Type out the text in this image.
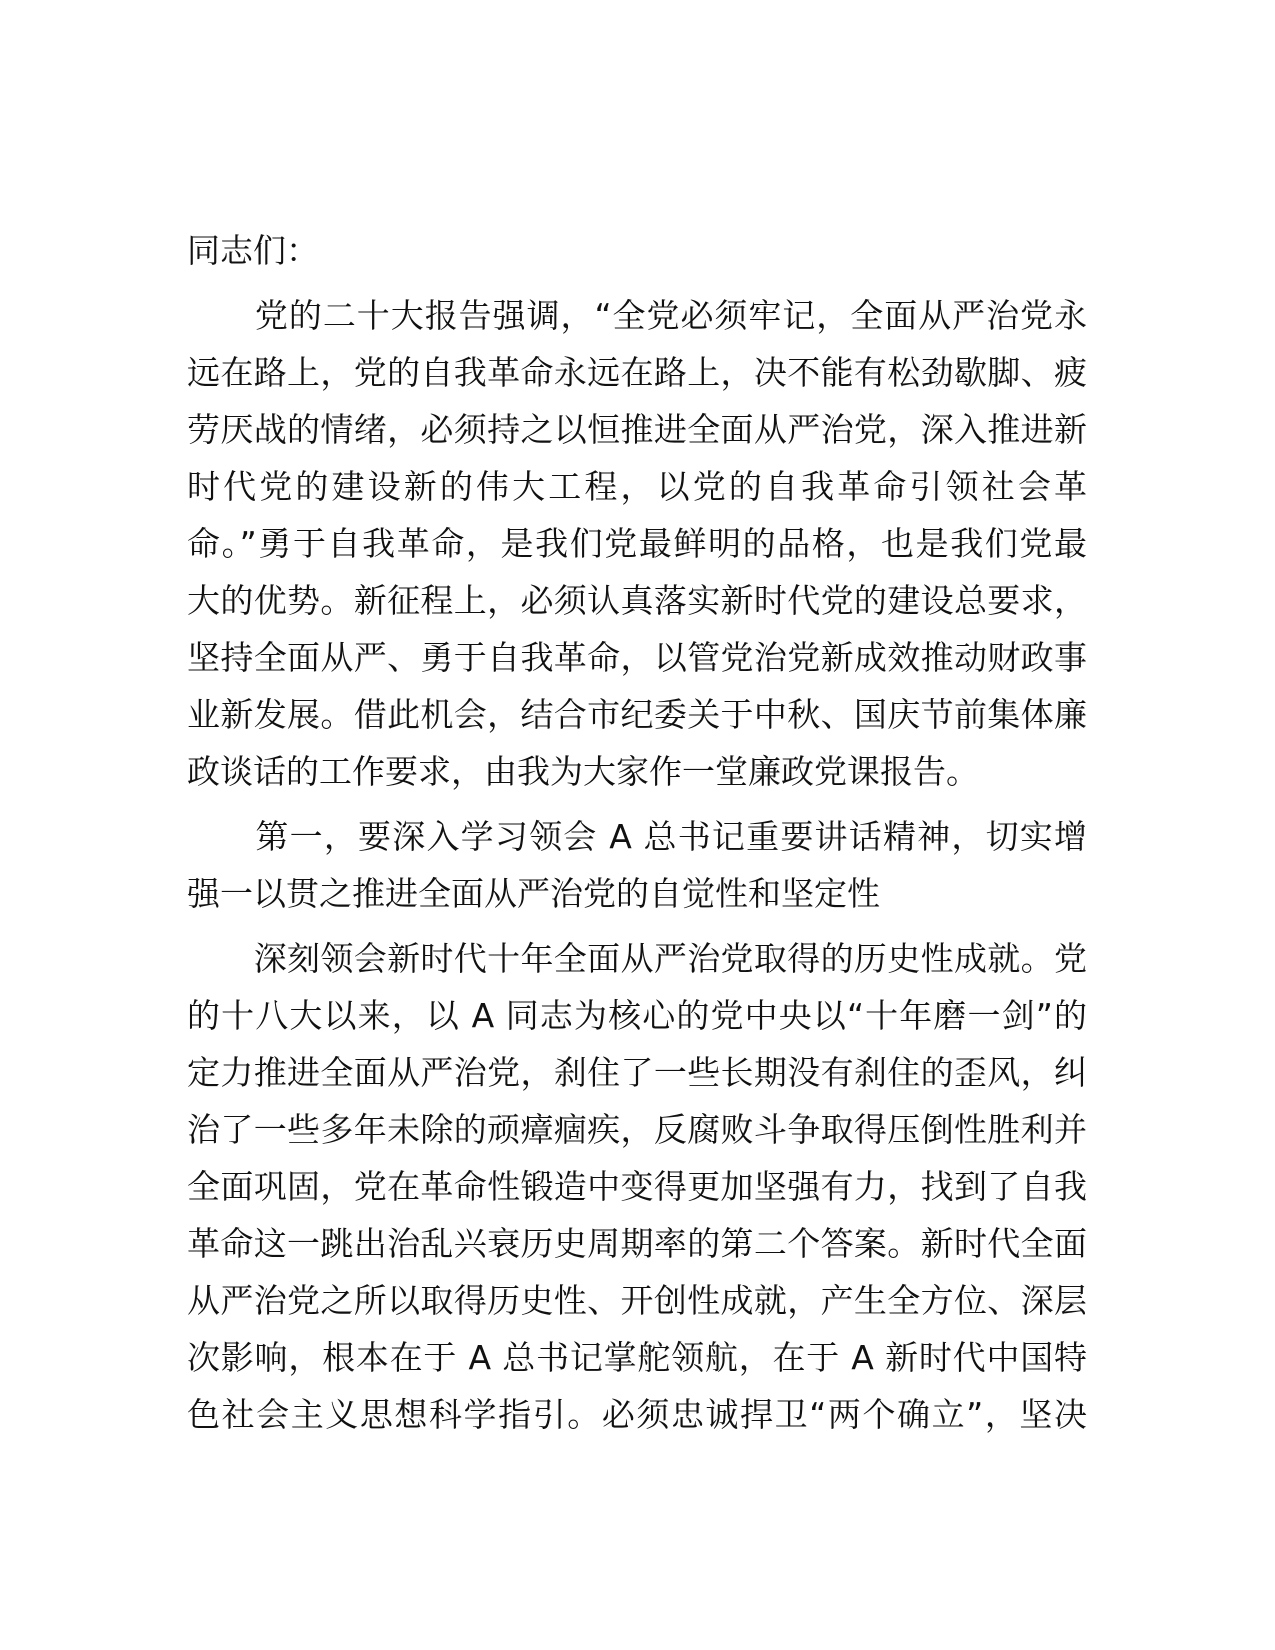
同志们：
　　党的二十大报告强调，“全党必须牢记，全面从严治党永
远在路上，党的自我革命永远在路上，决不能有松劲歇脚、疲
劳厌战的情绪，必须持之以恒推进全面从严治党，深入推进新
时代党的建设新的伟大工程，以党的自我革命引领社会革
命。”勇于自我革命，是我们党最鲜明的品格，也是我们党最
大的优势。新征程上，必须认真落实新时代党的建设总要求，
坚持全面从严、勇于自我革命，以管党治党新成效推动财政事
业新发展。借此机会，结合市纪委关于中秋、国庆节前集体廉
政谈话的工作要求，由我为大家作一堂廉政党课报告。
　　第一，要深入学习领会 A 总书记重要讲话精神，切实增
强一以贯之推进全面从严治党的自觉性和坚定性
　　深刻领会新时代十年全面从严治党取得的历史性成就。党
的十八大以来，以 A 同志为核心的党中央以“十年磨一剑”的
定力推进全面从严治党，刹住了一些长期没有刹住的歪风，纠
治了一些多年未除的顽瘴痼疾，反腐败斗争取得压倒性胜利并
全面巩固，党在革命性锻造中变得更加坚强有力，找到了自我
革命这一跳出治乱兴衰历史周期率的第二个答案。新时代全面
从严治党之所以取得历史性、开创性成就，产生全方位、深层
次影响，根本在于 A 总书记掌舵领航，在于 A 新时代中国特
色社会主义思想科学指引。必须忠诚捍卫“两个确立”，坚决
